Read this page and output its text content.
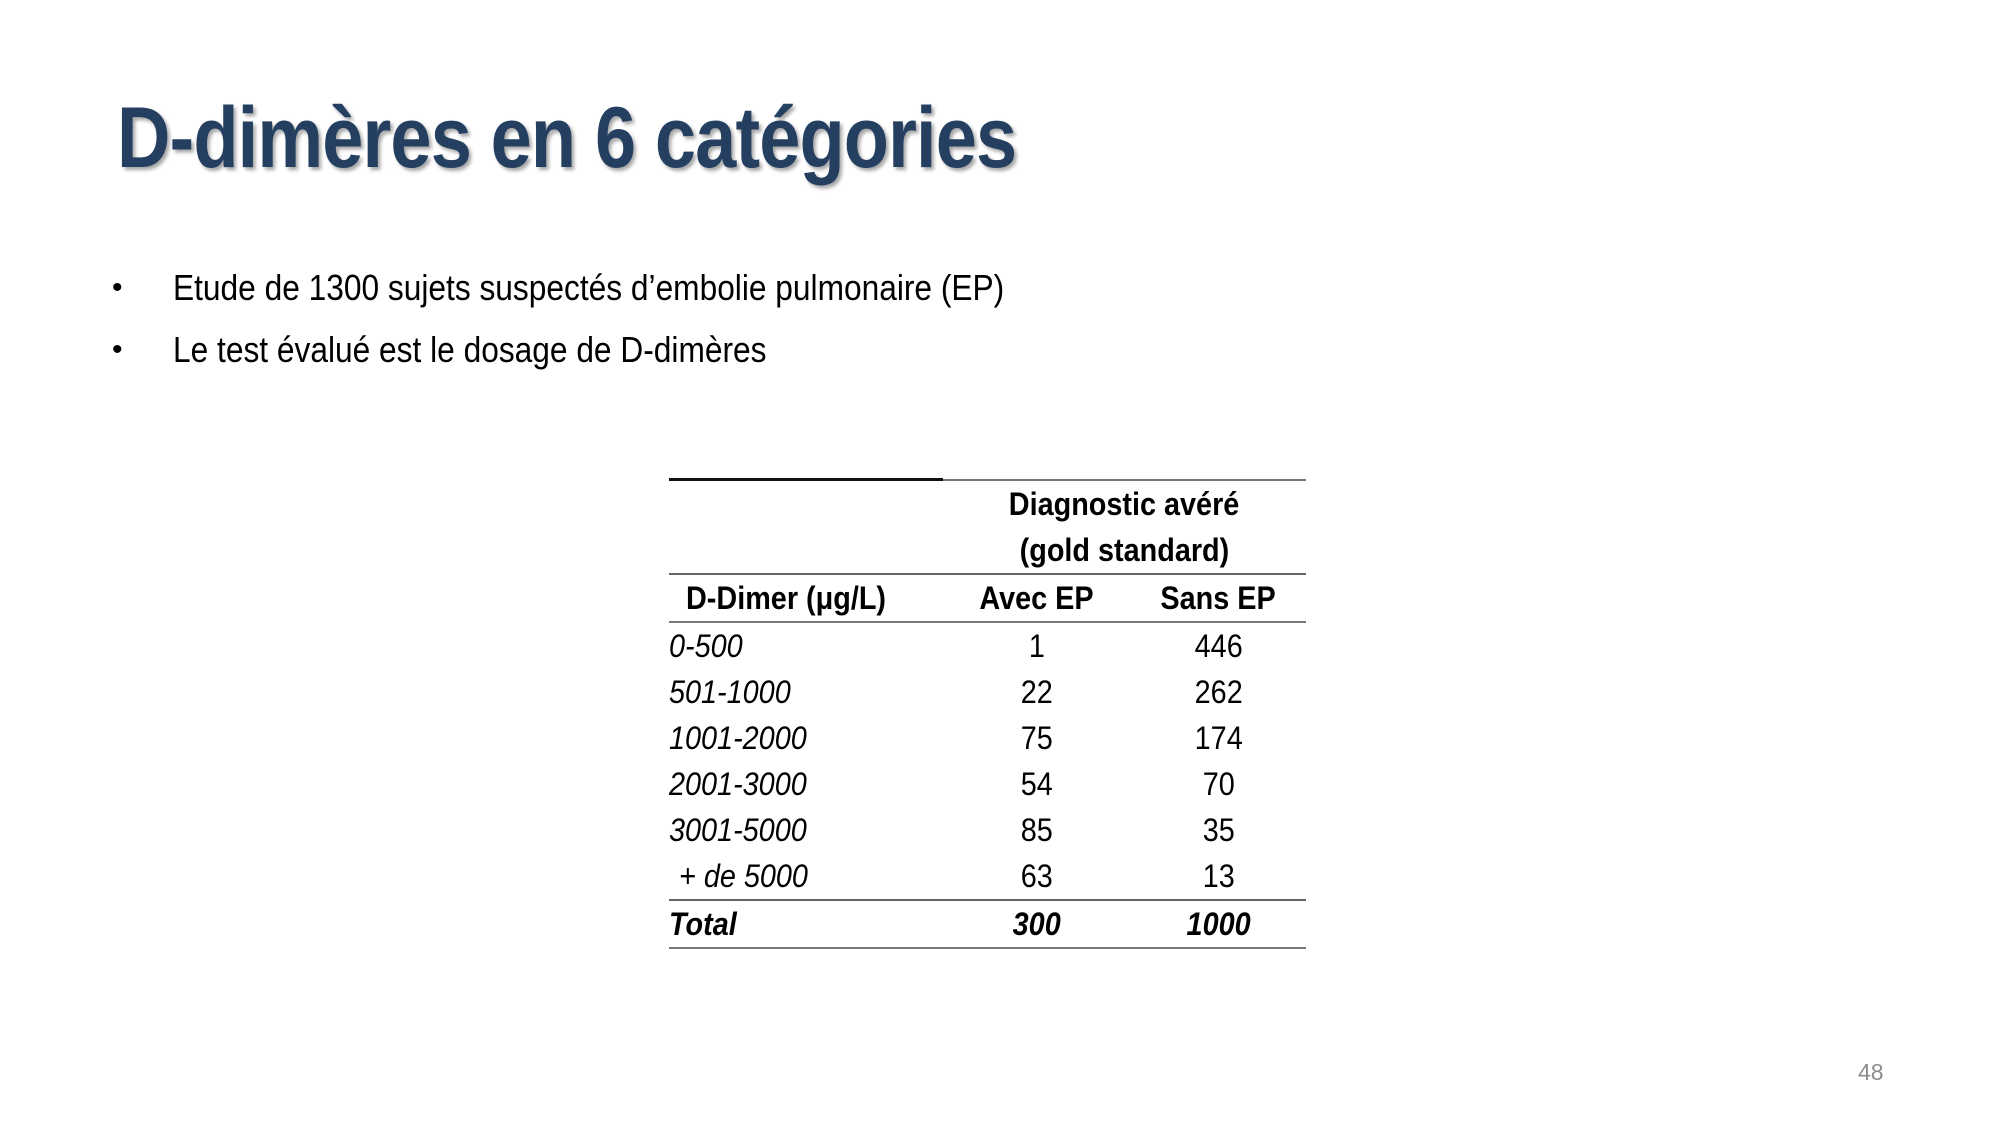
D-dimères en 6 catégories
•	Etude de 1300 sujets suspectés d’embolie pulmonaire (EP)
•	Le test évalué est le dosage de D-dimères

	Diagnostic avéré
(gold standard)	

D-Dimer (μg/L)	Avec EP	Sans EP
0-500	1	446
501-1000	22	262
1001-2000	75	174
2001-3000	54	70
3001-5000	85	35
+ de 5000	63	13
Total	300	1000
48
